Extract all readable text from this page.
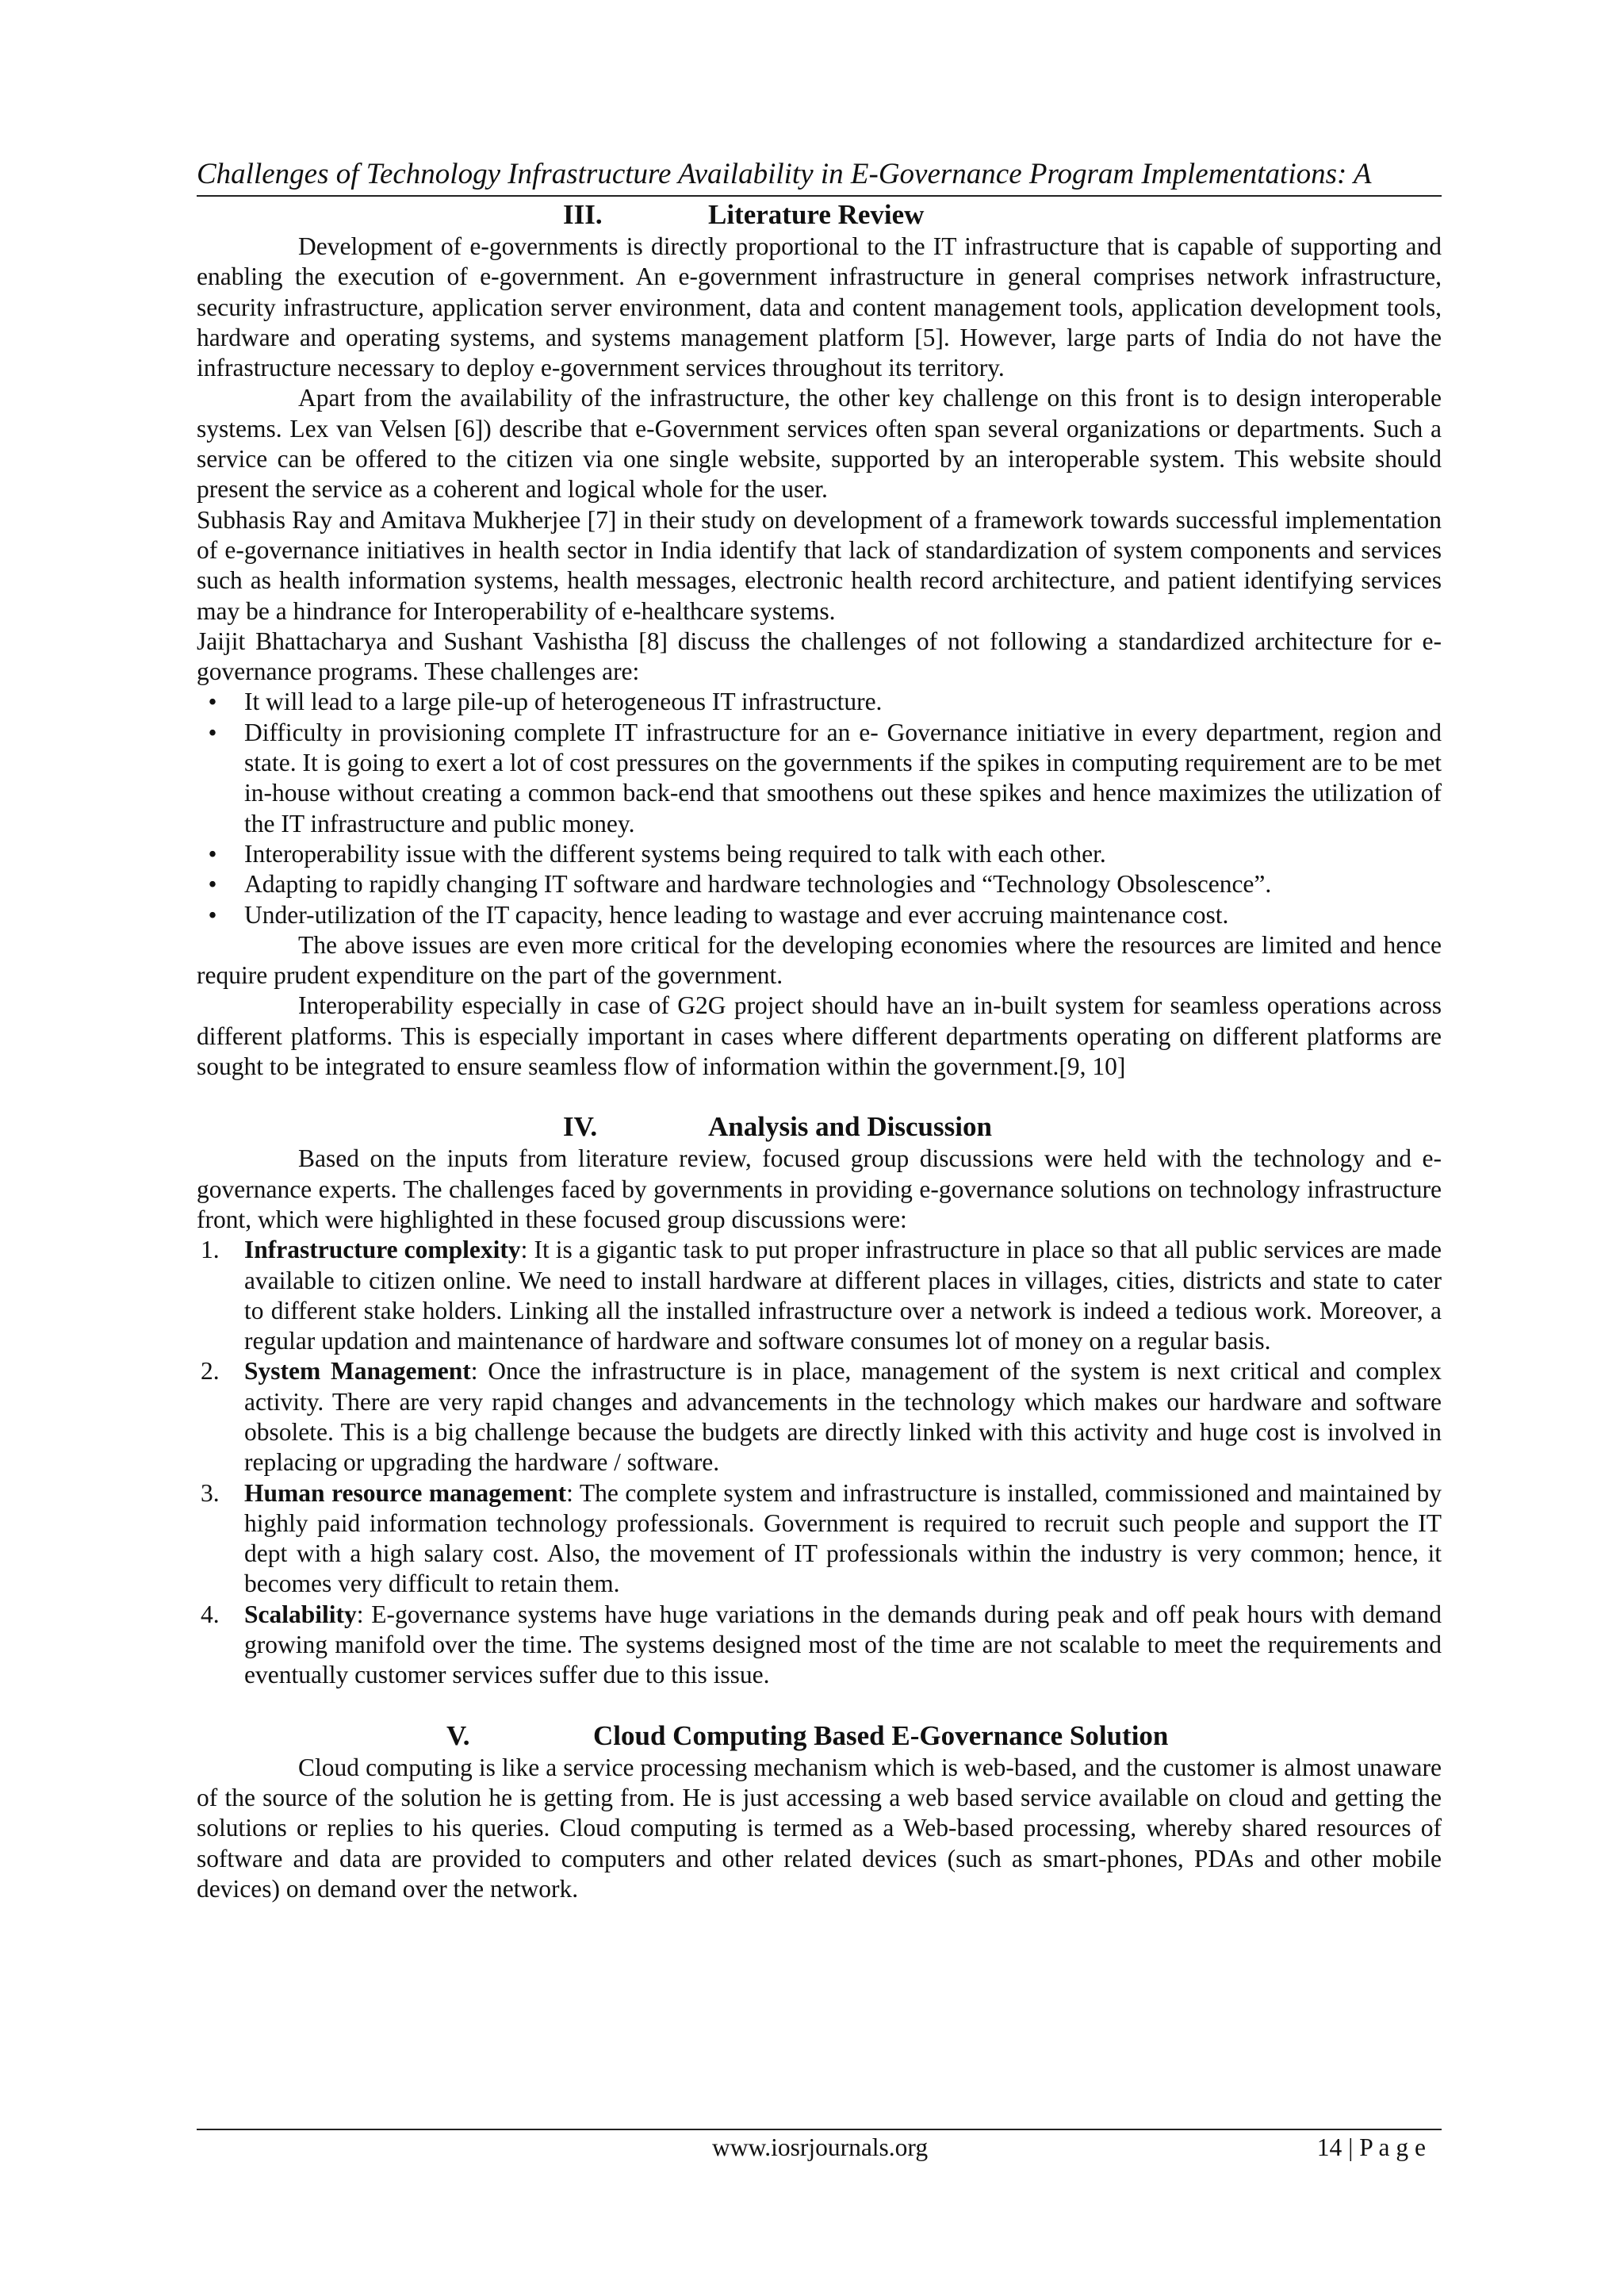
Challenges of Technology Infrastructure Availability in E-Governance Program Implementations: A
III.	Literature Review

Development of e-governments is directly proportional to the IT infrastructure that is capable of supporting and enabling the execution of e-government. An e-government infrastructure in general comprises network infrastructure, security infrastructure, application server environment, data and content management tools, application development tools, hardware and operating systems, and systems management platform [5]. However, large parts of India do not have the infrastructure necessary to deploy e-government services throughout its territory.

Apart from the availability of the infrastructure, the other key challenge on this front is to design interoperable systems. Lex van Velsen [6]) describe that e-Government services often span several organizations or departments. Such a service can be offered to the citizen via one single website, supported by an interoperable system. This website should present the service as a coherent and logical whole for the user.

Subhasis Ray and Amitava Mukherjee [7] in their study on development of a framework towards successful implementation of e-governance initiatives in health sector in India identify that lack of standardization of system components and services such as health information systems, health messages, electronic health record architecture, and patient identifying services may be a hindrance for Interoperability of e-healthcare systems.

Jaijit Bhattacharya and Sushant Vashistha [8] discuss the challenges of not following a standardized architecture for e-governance programs. These challenges are:

•	It will lead to a large pile-up of heterogeneous IT infrastructure.
•	Difficulty in provisioning complete IT infrastructure for an e- Governance initiative in every department, region and state. It is going to exert a lot of cost pressures on the governments if the spikes in computing requirement are to be met in-house without creating a common back-end that smoothens out these spikes and hence maximizes the utilization of the IT infrastructure and public money.
•	Interoperability issue with the different systems being required to talk with each other.
•	Adapting to rapidly changing IT software and hardware technologies and “Technology Obsolescence”.
•	Under-utilization of the IT capacity, hence leading to wastage and ever accruing maintenance cost.

The above issues are even more critical for the developing economies where the resources are limited and hence require prudent expenditure on the part of the government.

Interoperability especially in case of G2G project should have an in-built system for seamless operations across different platforms. This is especially important in cases where different departments operating on different platforms are sought to be integrated to ensure seamless flow of information within the government.[9, 10]

IV.	Analysis and Discussion

Based on the inputs from literature review, focused group discussions were held with the technology and e-governance experts. The challenges faced by governments in providing e-governance solutions on technology infrastructure front, which were highlighted in these focused group discussions were:

1. Infrastructure complexity: It is a gigantic task to put proper infrastructure in place so that all public services are made available to citizen online. We need to install hardware at different places in villages, cities, districts and state to cater to different stake holders. Linking all the installed infrastructure over a network is indeed a tedious work. Moreover, a regular updation and maintenance of hardware and software consumes lot of money on a regular basis.
2. System Management: Once the infrastructure is in place, management of the system is next critical and complex activity. There are very rapid changes and advancements in the technology which makes our hardware and software obsolete. This is a big challenge because the budgets are directly linked with this activity and huge cost is involved in replacing or upgrading the hardware / software.
3. Human resource management: The complete system and infrastructure is installed, commissioned and maintained by highly paid information technology professionals. Government is required to recruit such people and support the IT dept with a high salary cost. Also, the movement of IT professionals within the industry is very common; hence, it becomes very difficult to retain them.
4. Scalability: E-governance systems have huge variations in the demands during peak and off peak hours with demand growing manifold over the time. The systems designed most of the time are not scalable to meet the requirements and eventually customer services suffer due to this issue.
V.	Cloud Computing Based E-Governance Solution

Cloud computing is like a service processing mechanism which is web-based, and the customer is almost unaware of the source of the solution he is getting from. He is just accessing a web based service available on cloud and getting the solutions or replies to his queries. Cloud computing is termed as a Web-based processing, whereby shared resources of software and data are provided to computers and other related devices (such as smart-phones, PDAs and other mobile devices) on demand over the network.

www.iosrjournals.org	14 | P a g e
